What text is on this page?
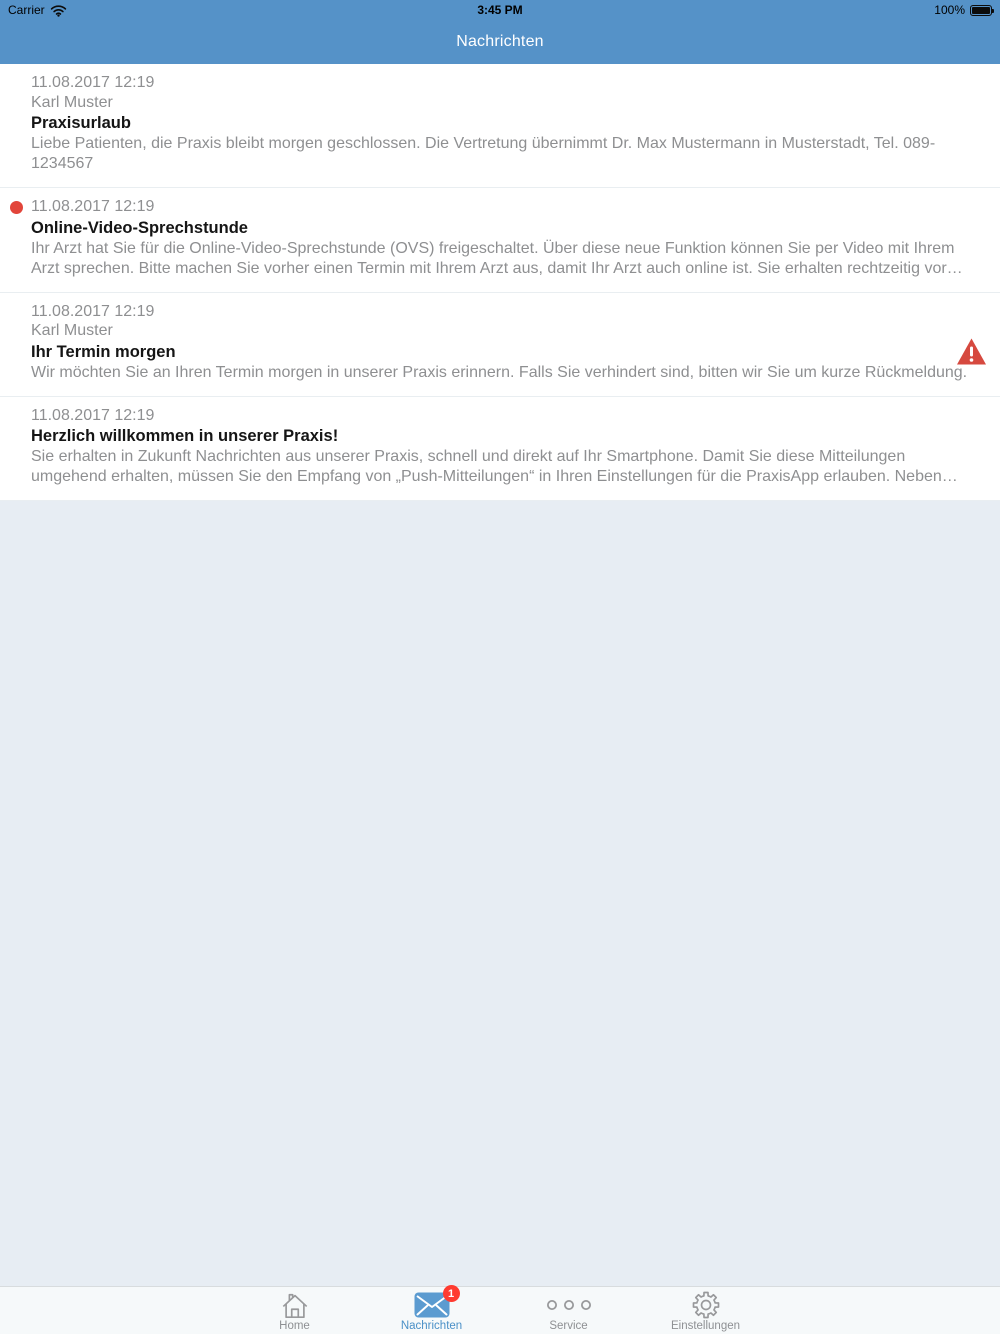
Carrier	3:45 PM	100%
Nachrichten
11.08.2017 12:19
Karl Muster
Praxisurlaub
Liebe Patienten, die Praxis bleibt morgen geschlossen. Die Vertretung übernimmt Dr. Max Mustermann in Musterstadt, Tel. 089-1234567
11.08.2017 12:19
Online-Video-Sprechstunde
Ihr Arzt hat Sie für die Online-Video-Sprechstunde (OVS) freigeschaltet. Über diese neue Funktion können Sie per Video mit Ihrem Arzt sprechen. Bitte machen Sie vorher einen Termin mit Ihrem Arzt aus, damit Ihr Arzt auch online ist. Sie erhalten rechtzeitig vor…
11.08.2017 12:19
Karl Muster
Ihr Termin morgen
Wir möchten Sie an Ihren Termin morgen in unserer Praxis erinnern. Falls Sie verhindert sind, bitten wir Sie um kurze Rückmeldung.
11.08.2017 12:19
Herzlich willkommen in unserer Praxis!
Sie erhalten in Zukunft Nachrichten aus unserer Praxis, schnell und direkt auf Ihr Smartphone. Damit Sie diese Mitteilungen umgehend erhalten, müssen Sie den Empfang von „Push-Mitteilungen“ in Ihren Einstellungen für die PraxisApp erlauben. Neben…
Home
1
Nachrichten	Service	Einstellungen
